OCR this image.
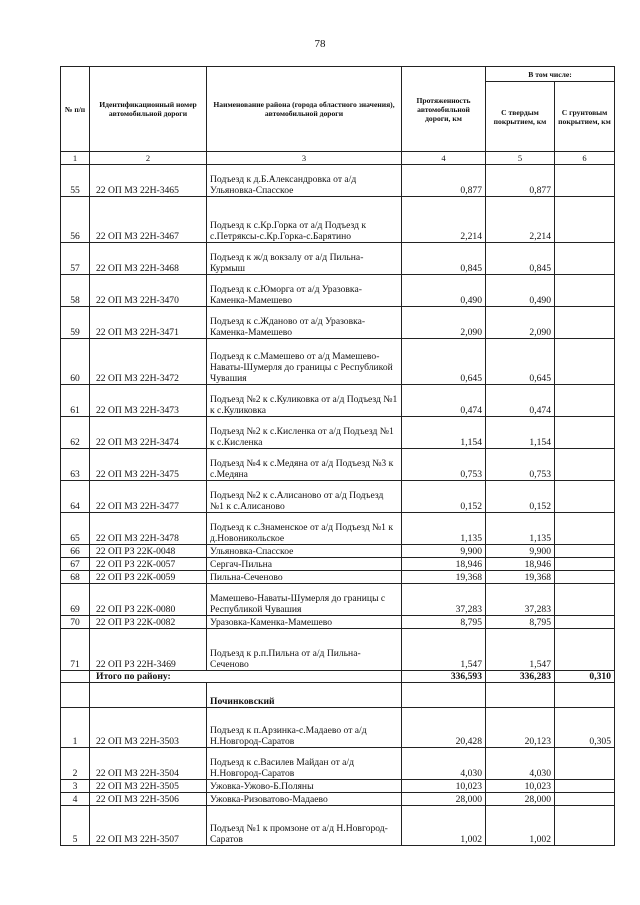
78
№ п/п	Идентификационный номер автомобильной дороги	Наименование района (города областного значения), автомобильной дороги	Протяженность автомобильной дороги, км	В том числе:	
				С твердым покрытием, км	С грунтовым покрытием, км
1	2	3	4	5	6
55	22 ОП МЗ 22Н-3465	Подъезд к д.Б.Александровка от а/д Ульяновка-Спасское	0,877	0,877	
56	22 ОП МЗ 22Н-3467	Подъезд к с.Кр.Горка от а/д Подъезд к с.Петряксы-с.Кр.Горка-с.Барятино	2,214	2,214	
57	22 ОП МЗ 22Н-3468	Подъезд к ж/д вокзалу от а/д Пильна-Курмыш	0,845	0,845	
58	22 ОП МЗ 22Н-3470	Подъезд к с.Юморга от а/д Уразовка-Каменка-Мамешево	0,490	0,490	
59	22 ОП МЗ 22Н-3471	Подъезд к с.Жданово от а/д Уразовка-Каменка-Мамешево	2,090	2,090	
60	22 ОП МЗ 22Н-3472	Подъезд к с.Мамешево от а/д Мамешево-Наваты-Шумерля до границы с Республикой Чувашия	0,645	0,645	
61	22 ОП МЗ 22Н-3473	Подъезд №2 к с.Куликовка от а/д Подъезд №1 к с.Куликовка	0,474	0,474	
62	22 ОП МЗ 22Н-3474	Подъезд №2 к с.Кисленка от а/д Подъезд №1 к с.Кисленка	1,154	1,154	
63	22 ОП МЗ 22Н-3475	Подъезд №4 к с.Медяна от а/д Подъезд №3 к с.Медяна	0,753	0,753	
64	22 ОП МЗ 22Н-3477	Подъезд №2 к с.Алисаново от а/д Подъезд №1 к с.Алисаново	0,152	0,152	
65	22 ОП МЗ 22Н-3478	Подъезд к с.Знаменское от а/д Подъезд №1 к д.Новоникольское	1,135	1,135	
66	22 ОП РЗ 22К-0048	Ульяновка-Спасское	9,900	9,900	
67	22 ОП РЗ 22К-0057	Сергач-Пильна	18,946	18,946	
68	22 ОП РЗ 22К-0059	Пильна-Сеченово	19,368	19,368	
69	22 ОП РЗ 22К-0080	Мамешево-Наваты-Шумерля до границы с Республикой Чувашия	37,283	37,283	
70	22 ОП РЗ 22К-0082	Уразовка-Каменка-Мамешево	8,795	8,795	
71	22 ОП РЗ 22Н-3469	Подъезд к р.п.Пильна от а/д Пильна-Сеченово	1,547	1,547	
	Итого по району:		336,593	336,283	0,310
		Починковский			
1	22 ОП МЗ 22Н-3503	Подъезд к п.Арзинка-с.Мадаево от а/д Н.Новгород-Саратов	20,428	20,123	0,305
2	22 ОП МЗ 22Н-3504	Подъезд к с.Василев Майдан от а/д Н.Новгород-Саратов	4,030	4,030	
3	22 ОП МЗ 22Н-3505	Ужовка-Ужово-Б.Поляны	10,023	10,023	
4	22 ОП МЗ 22Н-3506	Ужовка-Ризоватово-Мадаево	28,000	28,000	
5	22 ОП МЗ 22Н-3507	Подъезд №1 к промзоне от а/д Н.Новгород-Саратов	1,002	1,002	
